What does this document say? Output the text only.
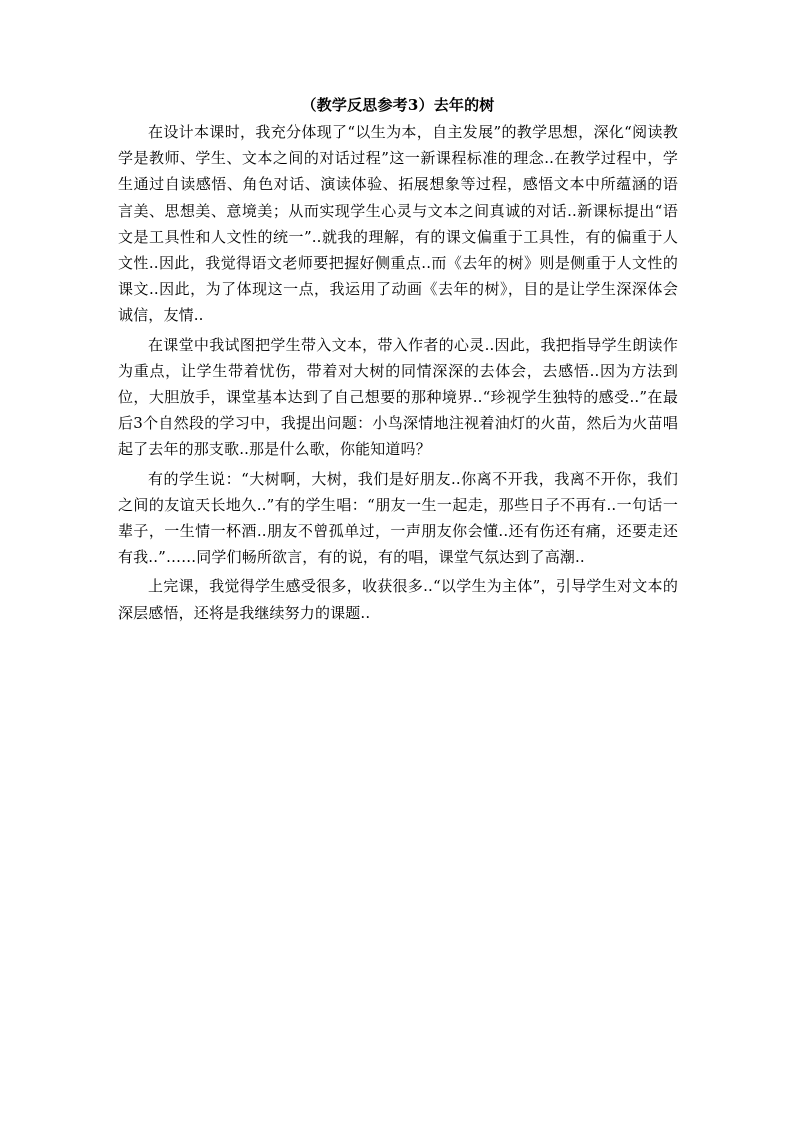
（教学反思参考3）去年的树

在设计本课时，我充分体现了“以生为本，自主发展”的教学思想，深化“阅读教学是教师、学生、文本之间的对话过程”这一新课程标准的理念..在教学过程中，学生通过自读感悟、角色对话、演读体验、拓展想象等过程，感悟文本中所蕴涵的语言美、思想美、意境美；从而实现学生心灵与文本之间真诚的对话..新课标提出“语文是工具性和人文性的统一”..就我的理解，有的课文偏重于工具性，有的偏重于人文性..因此，我觉得语文老师要把握好侧重点..而《去年的树》则是侧重于人文性的课文..因此，为了体现这一点，我运用了动画《去年的树》，目的是让学生深深体会诚信，友情..

在课堂中我试图把学生带入文本，带入作者的心灵..因此，我把指导学生朗读作为重点，让学生带着忧伤，带着对大树的同情深深的去体会，去感悟..因为方法到位，大胆放手，课堂基本达到了自己想要的那种境界..“珍视学生独特的感受..”在最后3个自然段的学习中，我提出问题：小鸟深情地注视着油灯的火苗，然后为火苗唱起了去年的那支歌..那是什么歌，你能知道吗？

有的学生说：“大树啊，大树，我们是好朋友..你离不开我，我离不开你，我们之间的友谊天长地久..”有的学生唱：“朋友一生一起走，那些日子不再有..一句话一辈子，一生情一杯酒..朋友不曾孤单过，一声朋友你会懂..还有伤还有痛，还要走还有我..”……同学们畅所欲言，有的说，有的唱，课堂气氛达到了高潮..

上完课，我觉得学生感受很多，收获很多..“以学生为主体”，引导学生对文本的深层感悟，还将是我继续努力的课题..
